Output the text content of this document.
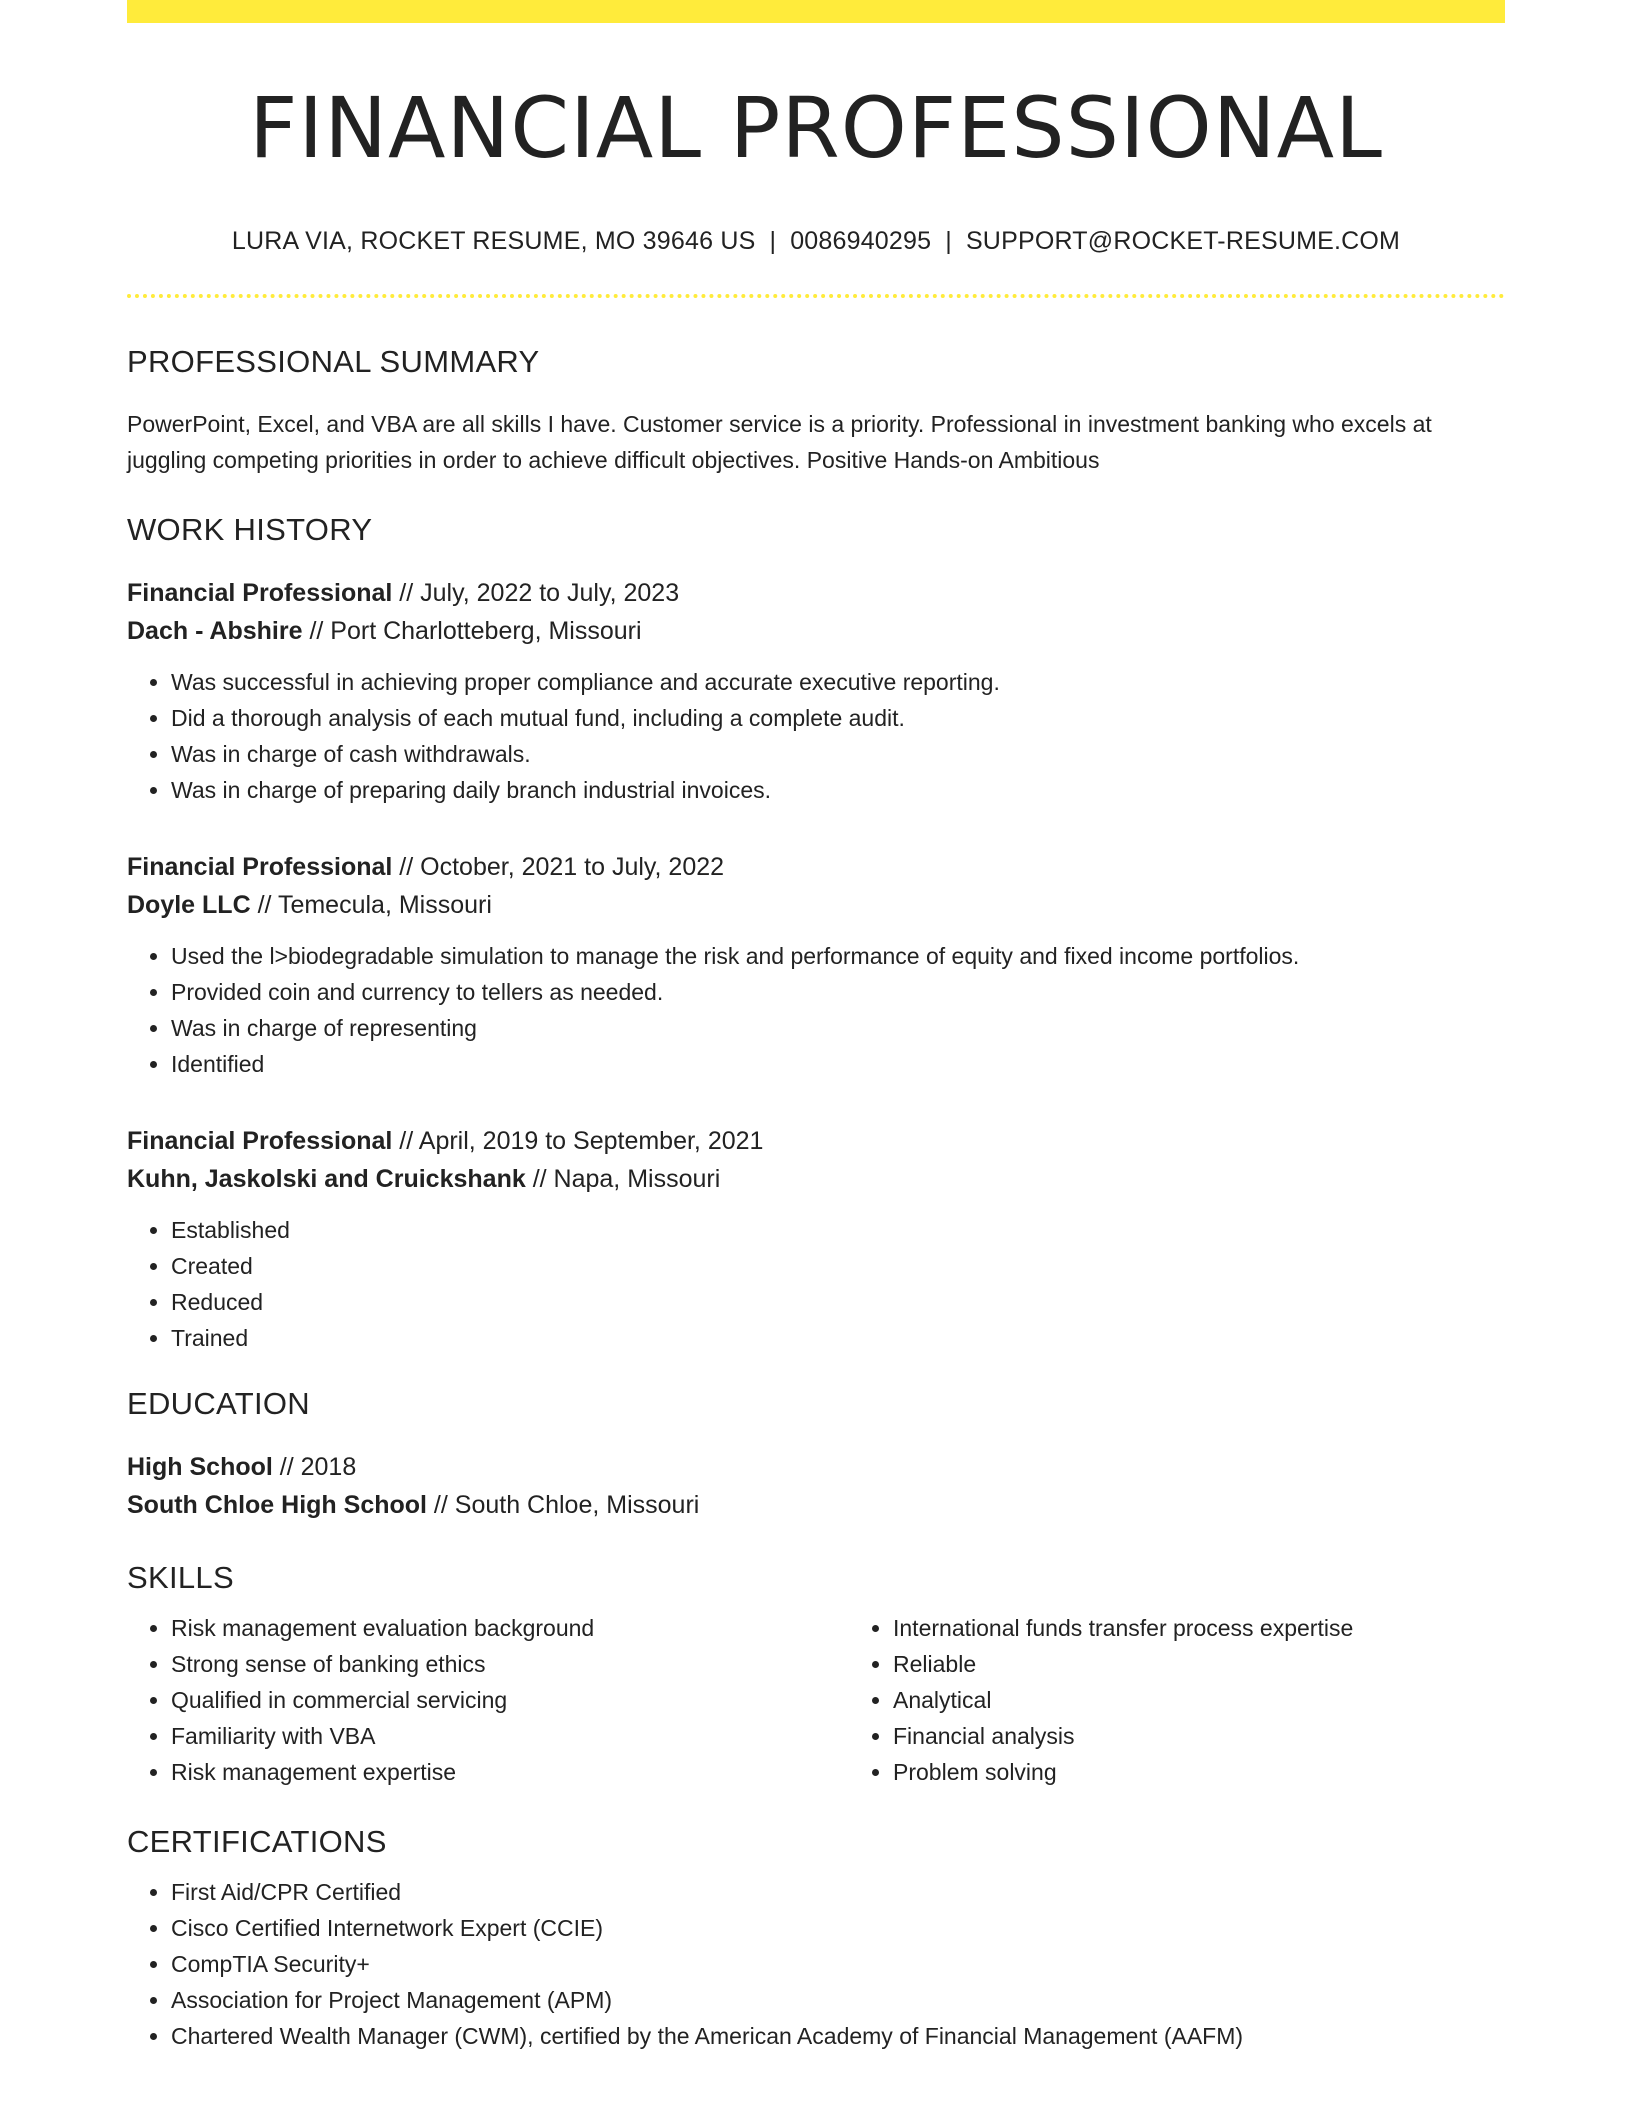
FINANCIAL PROFESSIONAL
LURA VIA, ROCKET RESUME, MO 39646 US | 0086940295 | SUPPORT@ROCKET-RESUME.COM
PROFESSIONAL SUMMARY
PowerPoint, Excel, and VBA are all skills I have. Customer service is a priority. Professional in investment banking who excels at juggling competing priorities in order to achieve difficult objectives. Positive Hands-on Ambitious
WORK HISTORY
Financial Professional // July, 2022 to July, 2023
Dach - Abshire // Port Charlotteberg, Missouri
• Was successful in achieving proper compliance and accurate executive reporting.
• Did a thorough analysis of each mutual fund, including a complete audit.
• Was in charge of cash withdrawals.
• Was in charge of preparing daily branch industrial invoices.
Financial Professional // October, 2021 to July, 2022
Doyle LLC // Temecula, Missouri
• Used the l>biodegradable simulation to manage the risk and performance of equity and fixed income portfolios.
• Provided coin and currency to tellers as needed.
• Was in charge of representing
• Identified
Financial Professional // April, 2019 to September, 2021
Kuhn, Jaskolski and Cruickshank // Napa, Missouri
• Established
• Created
• Reduced
• Trained
EDUCATION
High School // 2018
South Chloe High School // South Chloe, Missouri
SKILLS
• Risk management evaluation background
• Strong sense of banking ethics
• Qualified in commercial servicing
• Familiarity with VBA
• Risk management expertise
• International funds transfer process expertise
• Reliable
• Analytical
• Financial analysis
• Problem solving
CERTIFICATIONS
• First Aid/CPR Certified
• Cisco Certified Internetwork Expert (CCIE)
• CompTIA Security+
• Association for Project Management (APM)
• Chartered Wealth Manager (CWM), certified by the American Academy of Financial Management (AAFM)
